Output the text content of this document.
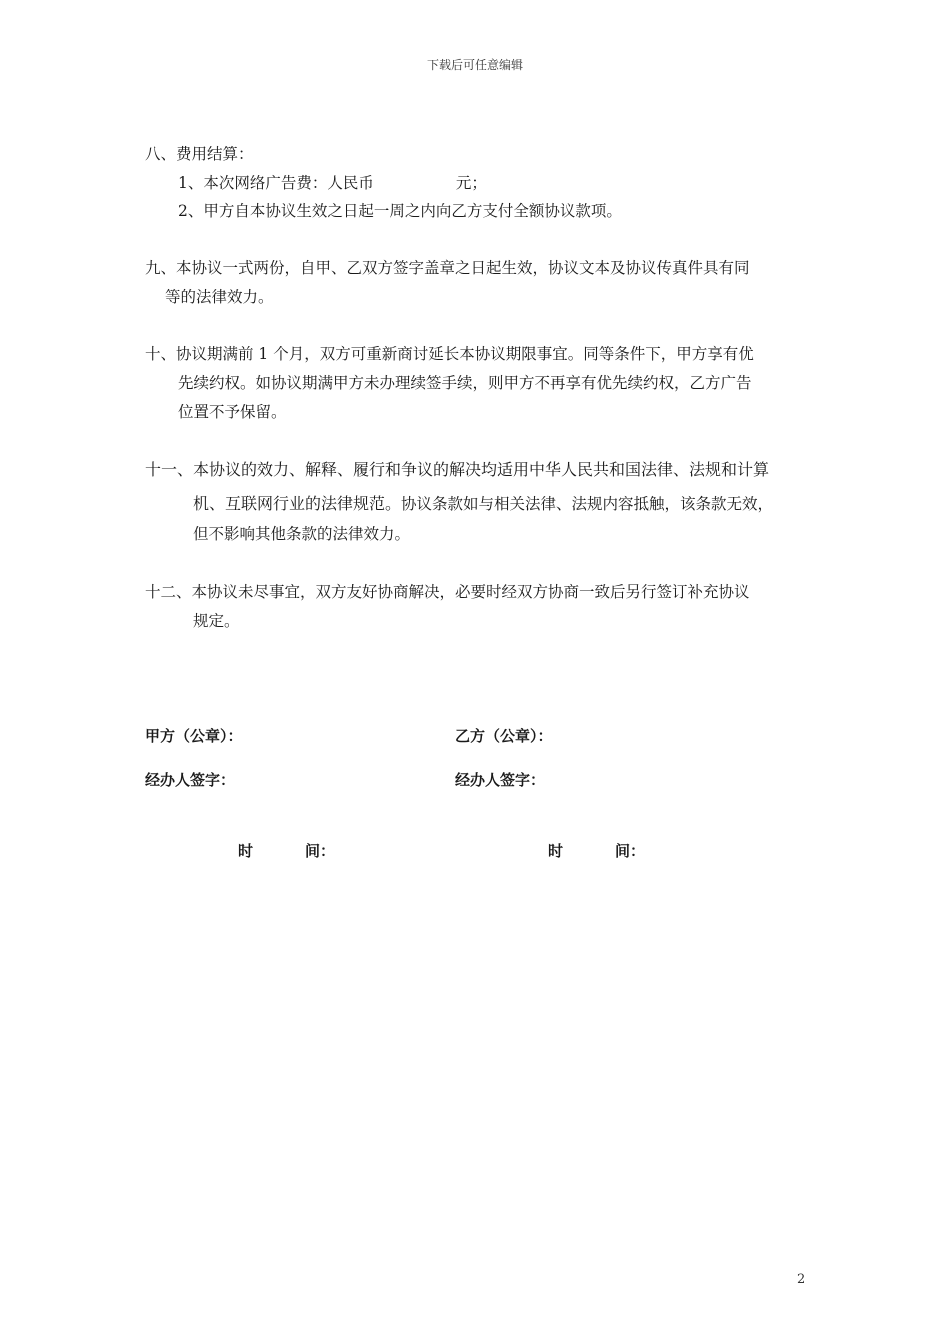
下载后可任意编辑
八、费用结算：
1、本次网络广告费：人民币	元；
2、甲方自本协议生效之日起一周之内向乙方支付全额协议款项。
九、本协议一式两份，自甲、乙双方签字盖章之日起生效，协议文本及协议传真件具有同
等的法律效力。
十、协议期满前 1 个月，双方可重新商讨延长本协议期限事宜。同等条件下，甲方享有优
先续约权。如协议期满甲方未办理续签手续，则甲方不再享有优先续约权，乙方广告
位置不予保留。
十一、本协议的效力、解释、履行和争议的解决均适用中华人民共和国法律、法规和计算
机、互联网行业的法律规范。协议条款如与相关法律、法规内容抵触，该条款无效，
但不影响其他条款的法律效力。
十二、本协议未尽事宜，双方友好协商解决，必要时经双方协商一致后另行签订补充协议
规定。
甲方（公章）：	乙方（公章）：
经办人签字：	经办人签字：
时	间：	时	间：
2
